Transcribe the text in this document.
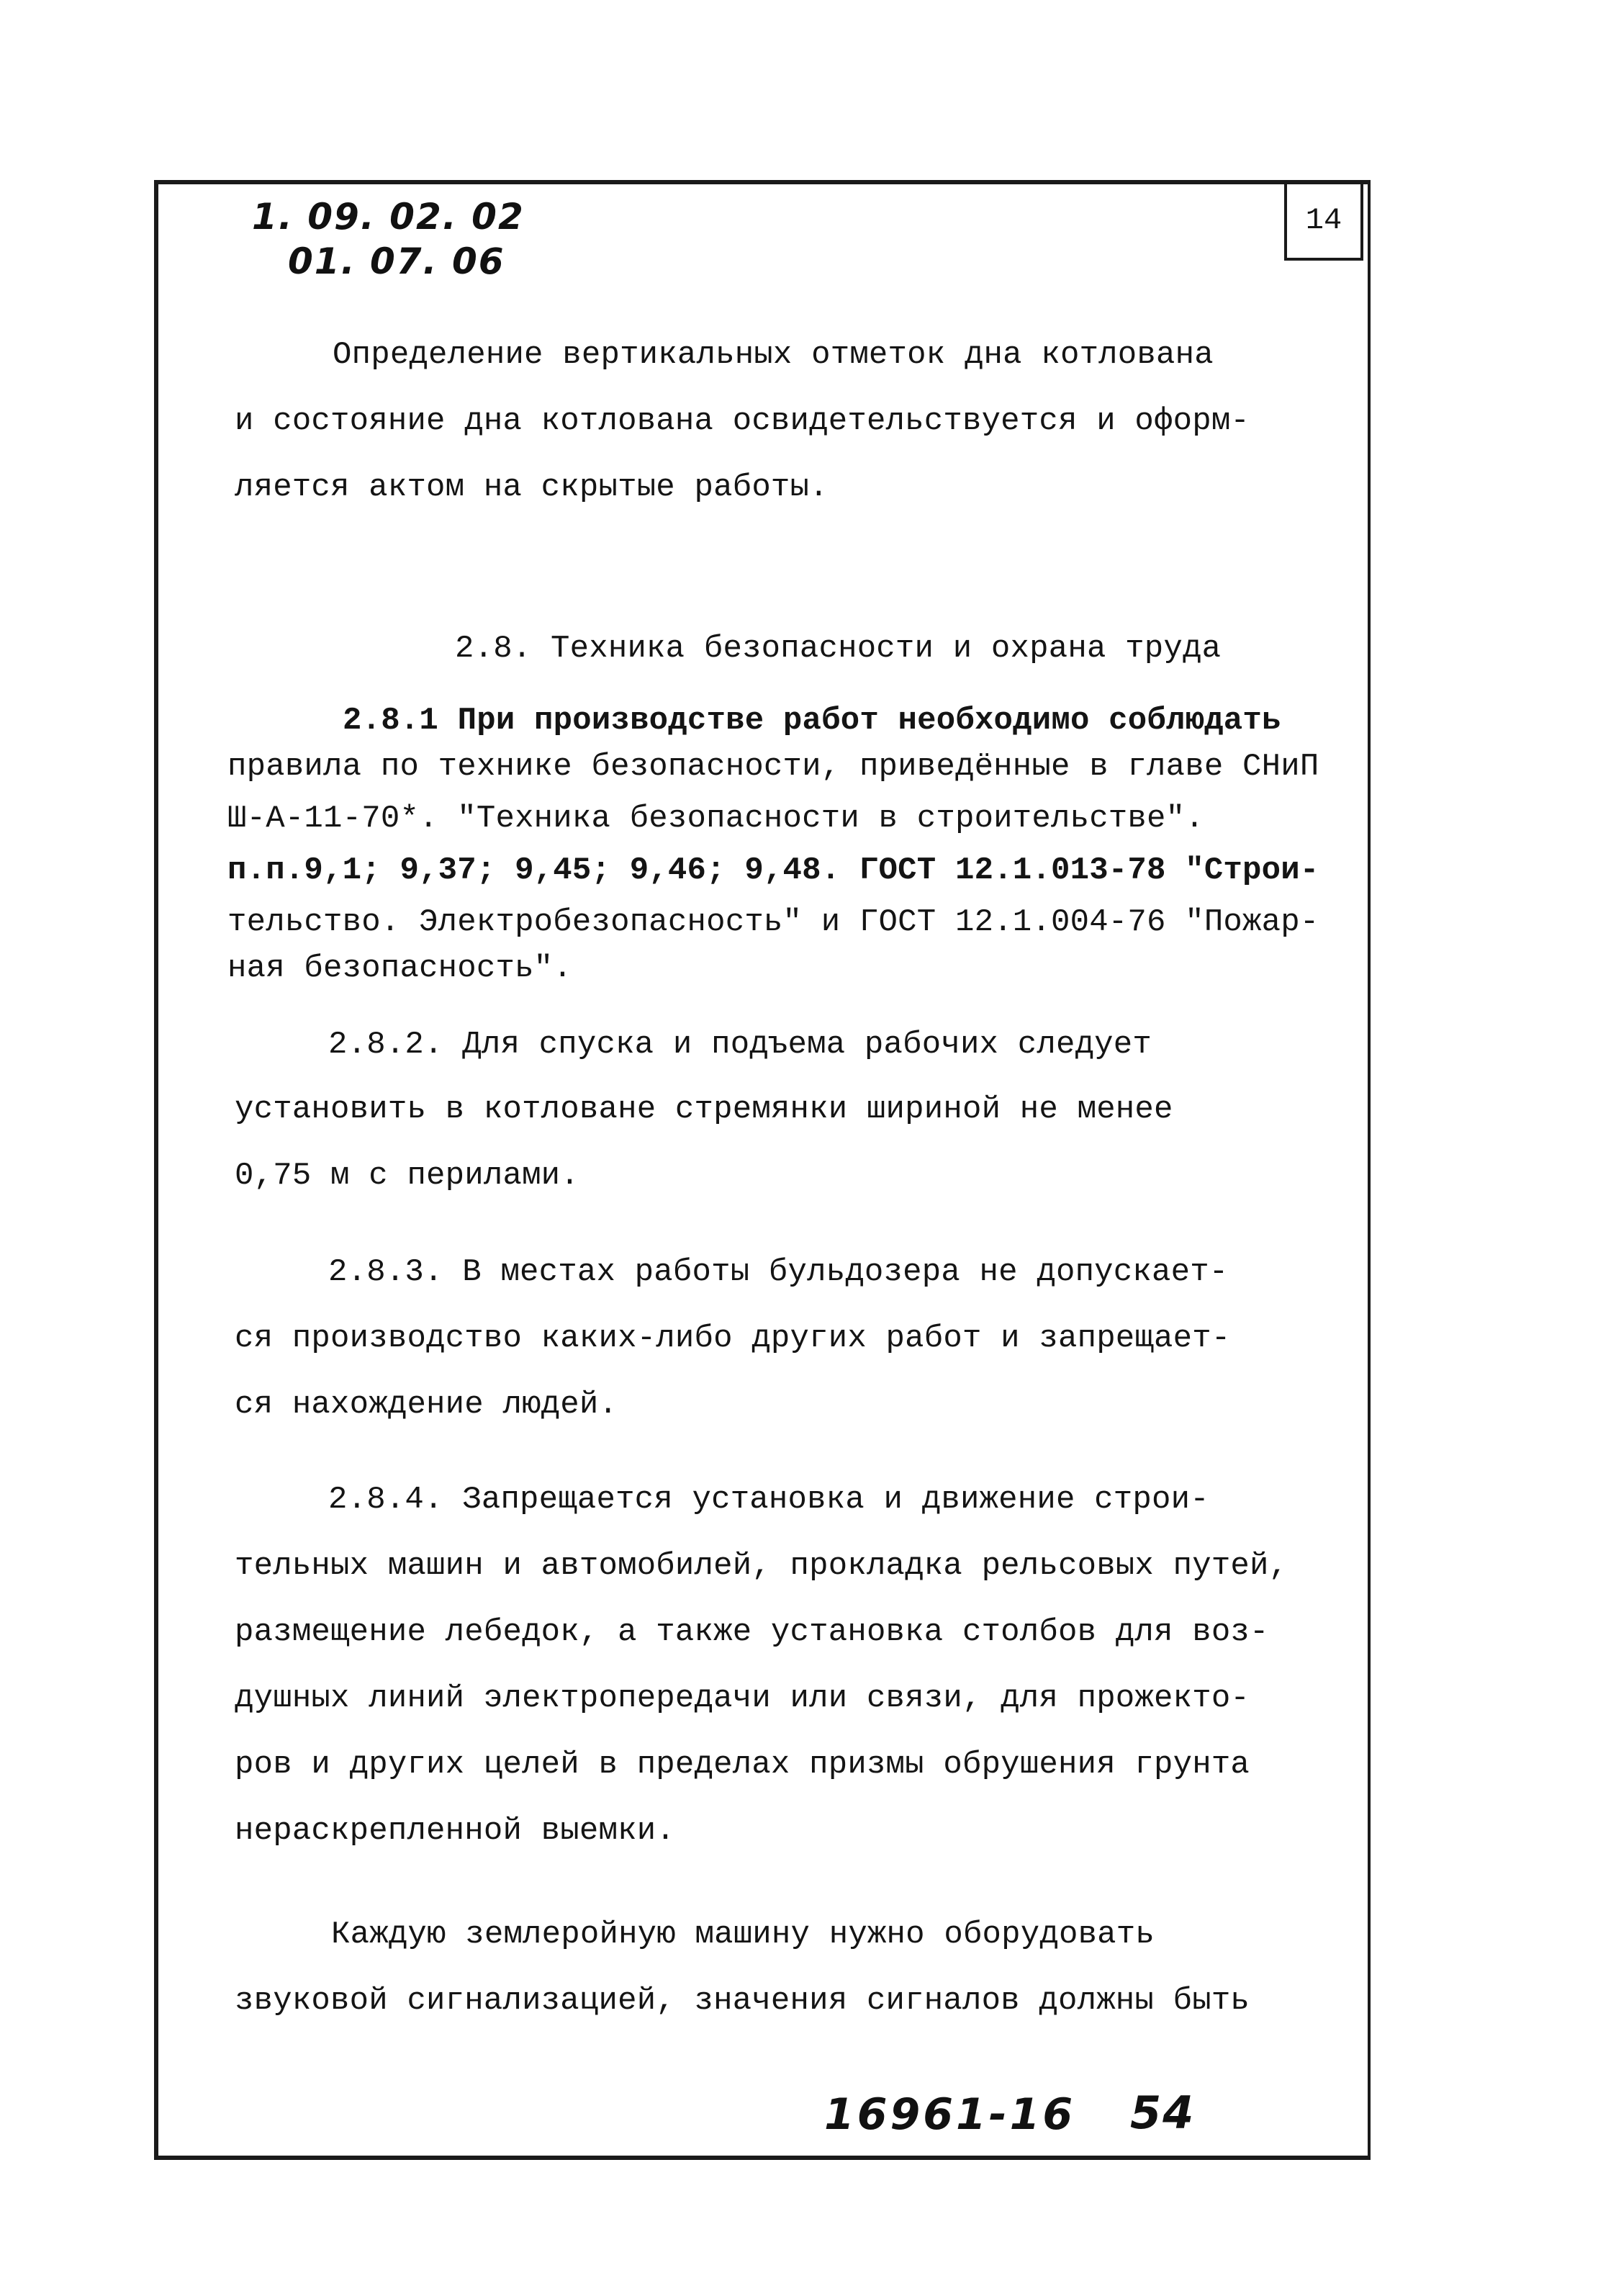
14
1. 09. 02. 02
01. 07. 06
Определение вертикальных отметок дна котлована
и состояние дна котлована освидетельствуется и оформ-
ляется актом на скрытые работы.
2.8. Техника безопасности и охрана труда
2.8.1 При производстве работ необходимо соблюдать
правила по технике безопасности, приведённые в главе СНиП
Ш-А-11-70*. "Техника безопасности в строительстве".
п.п.9,1; 9,37; 9,45; 9,46; 9,48. ГОСТ 12.1.013-78 "Строи-
тельство. Электробезопасность" и ГОСТ 12.1.004-76 "Пожар-
ная безопасность".
2.8.2. Для спуска и подъема рабочих следует
установить в котловане стремянки шириной не менее
0,75 м с перилами.
2.8.3. В местах работы бульдозера не допускает-
ся производство каких-либо других работ и запрещает-
ся нахождение людей.
2.8.4. Запрещается установка и движение строи-
тельных машин и автомобилей, прокладка рельсовых путей,
размещение лебедок, а также установка столбов для воз-
душных линий электропередачи или связи, для прожекто-
ров и других целей в пределах призмы обрушения грунта
нераскрепленной выемки.
Каждую землеройную машину нужно оборудовать
звуковой сигнализацией, значения сигналов должны быть
16961-16 54
